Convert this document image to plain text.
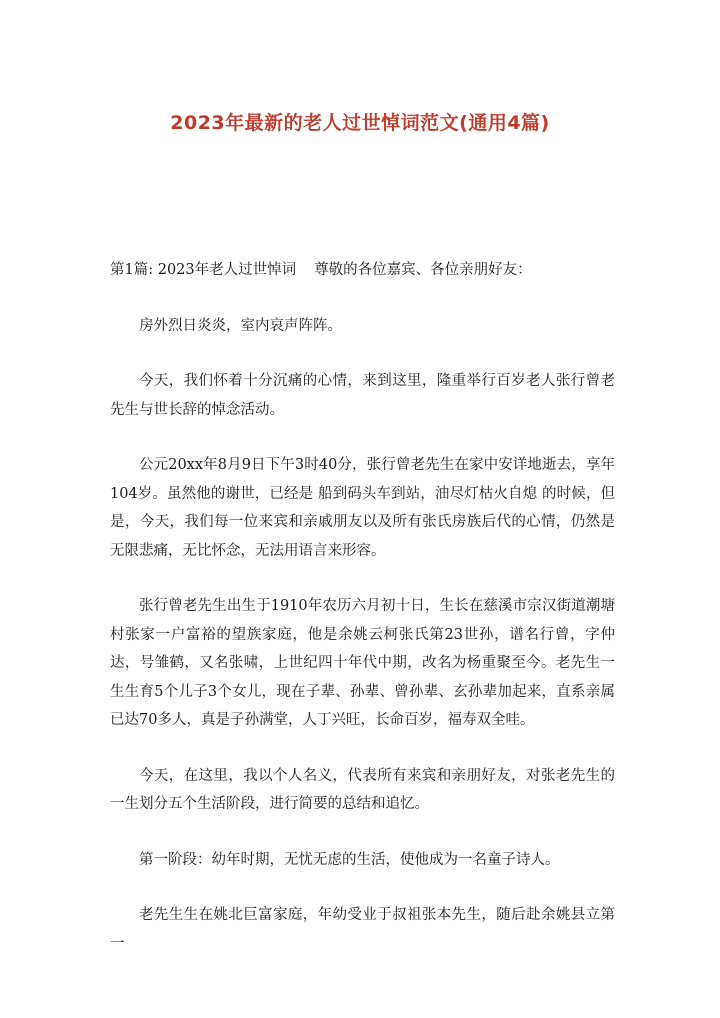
2023年最新的老人过世悼词范文(通用4篇)

第1篇: 2023年老人过世悼词 尊敬的各位嘉宾、各位亲朋好友：

房外烈日炎炎，室内哀声阵阵。

今天，我们怀着十分沉痛的心情，来到这里，隆重举行百岁老人张行曾老先生与世长辞的悼念活动。

公元20xx年8月9日下午3时40分，张行曾老先生在家中安详地逝去，享年104岁。虽然他的谢世，已经是 船到码头车到站，油尽灯枯火自熄 的时候，但是，今天，我们每一位来宾和亲戚朋友以及所有张氏房族后代的心情，仍然是无限悲痛，无比怀念，无法用语言来形容。

张行曾老先生出生于1910年农历六月初十日，生长在慈溪市宗汉街道潮塘村张家一户富裕的望族家庭，他是余姚云柯张氏第23世孙，谱名行曾，字仲达，号雏鹤，又名张啸，上世纪四十年代中期，改名为杨重聚至今。老先生一生生育5个儿子3个女儿，现在子辈、孙辈、曾孙辈、玄孙辈加起来，直系亲属已达70多人，真是子孙满堂，人丁兴旺，长命百岁，福寿双全哇。

今天，在这里，我以个人名义，代表所有来宾和亲朋好友，对张老先生的一生划分五个生活阶段，进行简要的总结和追忆。

第一阶段：幼年时期，无忧无虑的生活，使他成为一名童子诗人。

老先生生在姚北巨富家庭，年幼受业于叔祖张本先生，随后赴余姚县立第一
